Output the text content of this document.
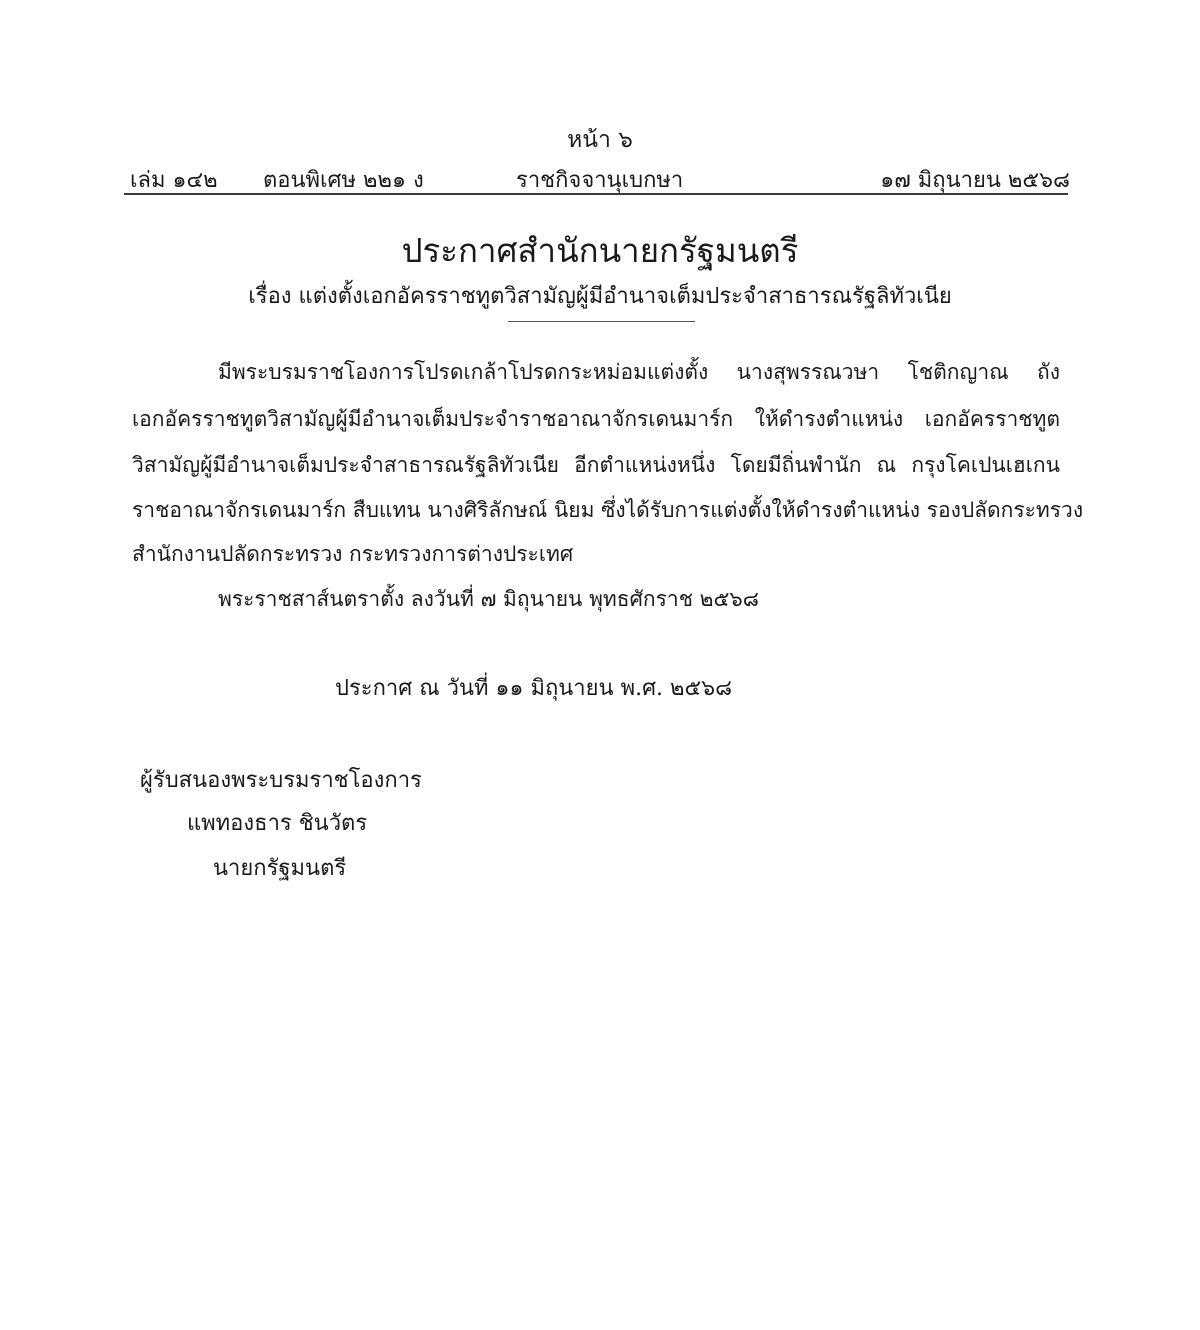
หน้า ๖
เล่ม ๑๔๒ ตอนพิเศษ ๒๒๑ ง	ราชกิจจานุเบกษา	๑๗ มิถุนายน ๒๕๖๘
ประกาศสำนักนายกรัฐมนตรี
เรื่อง แต่งตั้งเอกอัครราชทูตวิสามัญผู้มีอำนาจเต็มประจำสาธารณรัฐลิทัวเนีย
มีพระบรมราชโองการโปรดเกล้าโปรดกระหม่อมแต่งตั้ง นางสุพรรณวษา โชติกญาณ ถัง
เอกอัครราชทูตวิสามัญผู้มีอำนาจเต็มประจำราชอาณาจักรเดนมาร์ก ให้ดำรงตำแหน่ง เอกอัครราชทูต
วิสามัญผู้มีอำนาจเต็มประจำสาธารณรัฐลิทัวเนีย อีกตำแหน่งหนึ่ง โดยมีถิ่นพำนัก ณ กรุงโคเปนเฮเกน
ราชอาณาจักรเดนมาร์ก สืบแทน นางศิริลักษณ์ นิยม ซึ่งได้รับการแต่งตั้งให้ดำรงตำแหน่ง รองปลัดกระทรวง
สำนักงานปลัดกระทรวง กระทรวงการต่างประเทศ
พระราชสาส์นตราตั้ง ลงวันที่ ๗ มิถุนายน พุทธศักราช ๒๕๖๘
ประกาศ ณ วันที่ ๑๑ มิถุนายน พ.ศ. ๒๕๖๘
ผู้รับสนองพระบรมราชโองการ
แพทองธาร ชินวัตร
นายกรัฐมนตรี
